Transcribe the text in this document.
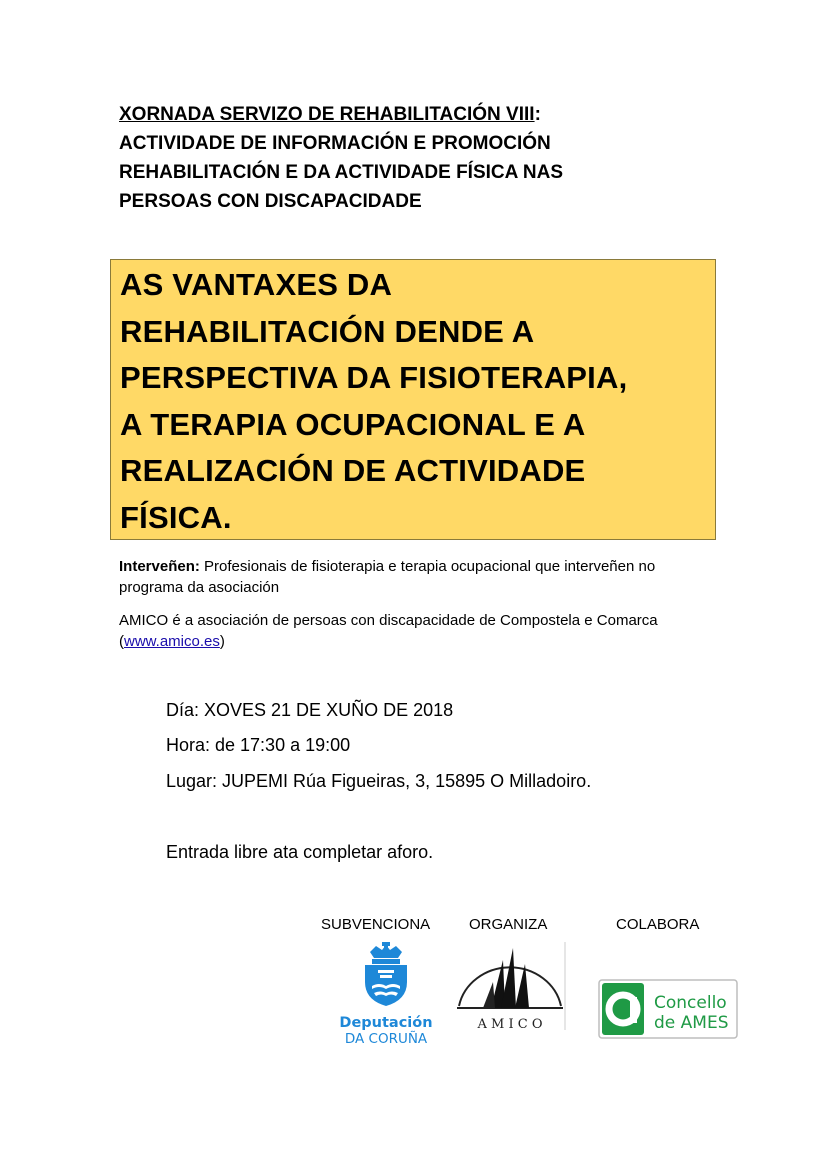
XORNADA SERVIZO DE REHABILITACIÓN VIII:
ACTIVIDADE DE INFORMACIÓN E PROMOCIÓN
REHABILITACIÓN E DA ACTIVIDADE FÍSICA NAS
PERSOAS CON DISCAPACIDADE
AS VANTAXES DA
REHABILITACIÓN DENDE A
PERSPECTIVA DA FISIOTERAPIA,
A TERAPIA OCUPACIONAL E A
REALIZACIÓN DE ACTIVIDADE
FÍSICA.
Interveñen: Profesionais de fisioterapia e terapia ocupacional que interveñen no programa da asociación
AMICO é a asociación de persoas con discapacidade de Compostela e Comarca (www.amico.es)
Día: XOVES 21 DE XUÑO DE 2018
Hora: de 17:30 a 19:00
Lugar: JUPEMI Rúa Figueiras, 3, 15895 O Milladoiro.
Entrada libre ata completar aforo.
SUBVENCIONA	ORGANIZA	COLABORA
Deputación
DA CORUÑA
A M I C O
Concello
de AMES
